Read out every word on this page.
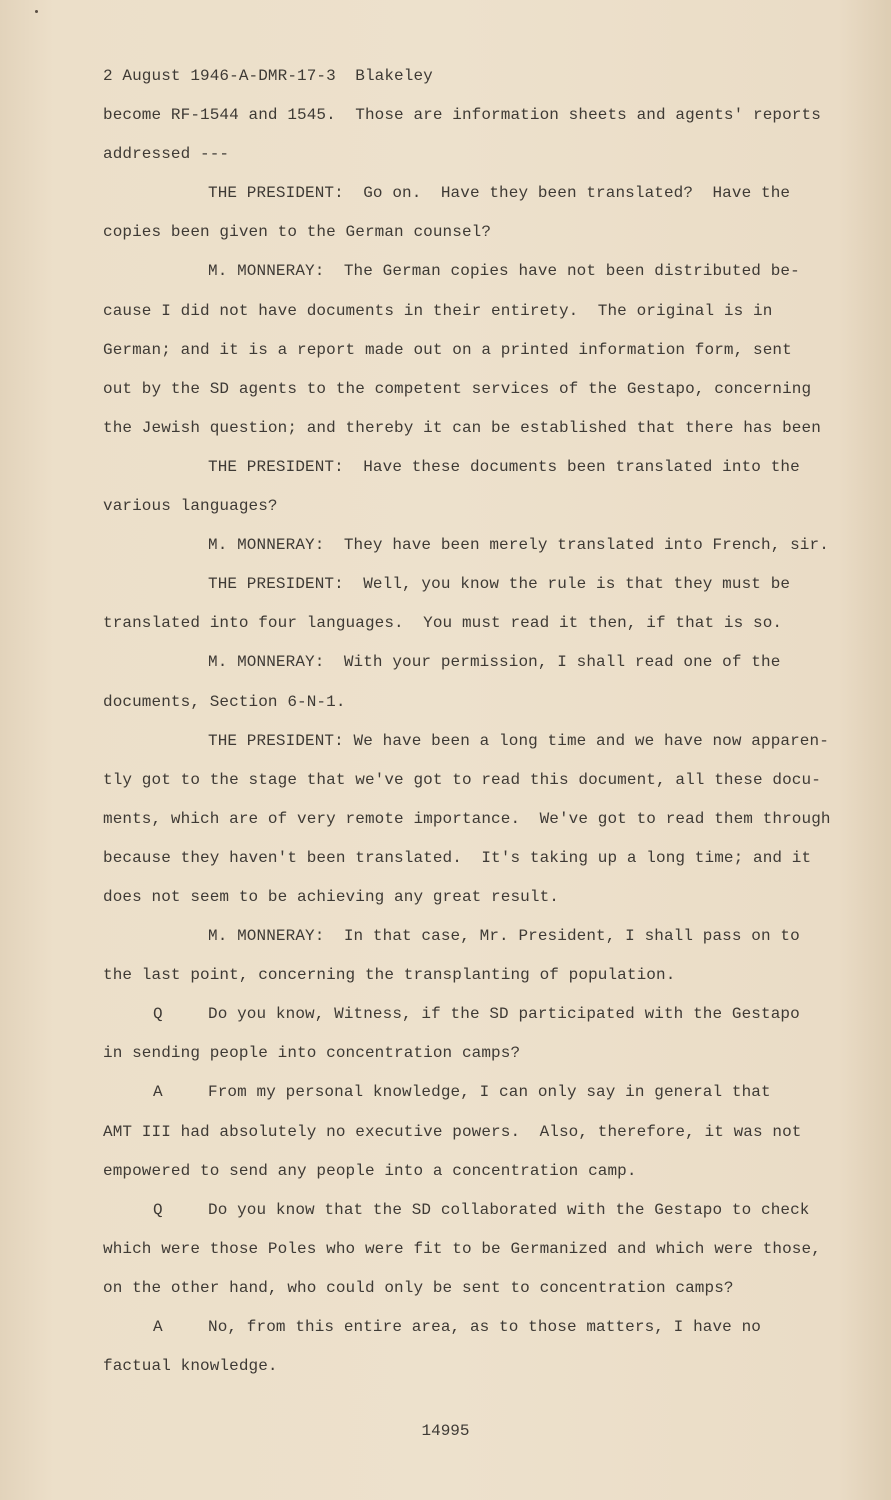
2 August 1946-A-DMR-17-3  Blakeley
become RF-1544 and 1545.  Those are information sheets and agents' reports
addressed ---
THE PRESIDENT:  Go on.  Have they been translated?  Have the
copies been given to the German counsel?
M. MONNERAY:  The German copies have not been distributed be-
cause I did not have documents in their entirety.  The original is in
German; and it is a report made out on a printed information form, sent
out by the SD agents to the competent services of the Gestapo, concerning
the Jewish question; and thereby it can be established that there has been
THE PRESIDENT:  Have these documents been translated into the
various languages?
M. MONNERAY:  They have been merely translated into French, sir.
THE PRESIDENT:  Well, you know the rule is that they must be
translated into four languages.  You must read it then, if that is so.
M. MONNERAY:  With your permission, I shall read one of the
documents, Section 6-N-1.
THE PRESIDENT: We have been a long time and we have now apparen-
tly got to the stage that we've got to read this document, all these docu-
ments, which are of very remote importance.  We've got to read them through
because they haven't been translated.  It's taking up a long time; and it
does not seem to be achieving any great result.
M. MONNERAY:  In that case, Mr. President, I shall pass on to
the last point, concerning the transplanting of population.
Q	Do you know, Witness, if the SD participated with the Gestapo
in sending people into concentration camps?
A	From my personal knowledge, I can only say in general that
AMT III had absolutely no executive powers.  Also, therefore, it was not
empowered to send any people into a concentration camp.
Q	Do you know that the SD collaborated with the Gestapo to check
which were those Poles who were fit to be Germanized and which were those,
on the other hand, who could only be sent to concentration camps?
A	No, from this entire area, as to those matters, I have no
factual knowledge.
14995
